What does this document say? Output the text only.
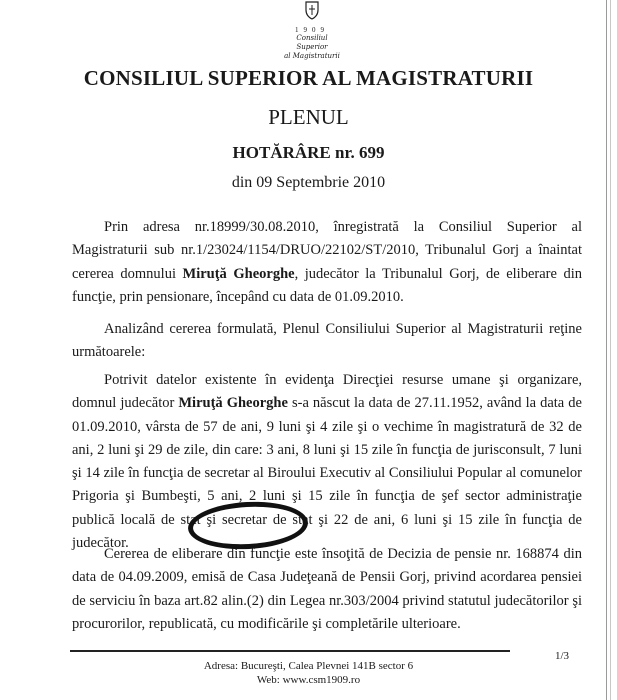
1909
Consiliul Superior
al Magistraturii
CONSILIUL SUPERIOR AL MAGISTRATURII
PLENUL
HOTĂRÂRE nr. 699
din 09 Septembrie 2010
Prin adresa nr.18999/30.08.2010, înregistrată la Consiliul Superior al Magistraturii sub nr.1/23024/1154/DRUO/22102/ST/2010, Tribunalul Gorj a înaintat cererea domnului Miruţă Gheorghe, judecător la Tribunalul Gorj, de eliberare din funcţie, prin pensionare, începând cu data de 01.09.2010.
Analizând cererea formulată, Plenul Consiliului Superior al Magistraturii reţine următoarele:
Potrivit datelor existente în evidenţa Direcţiei resurse umane şi organizare, domnul judecător Miruţă Gheorghe s-a născut la data de 27.11.1952, având la data de 01.09.2010, vârsta de 57 de ani, 9 luni şi 4 zile şi o vechime în magistratură de 32 de ani, 2 luni şi 29 de zile, din care: 3 ani, 8 luni şi 15 zile în funcţia de jurisconsult, 7 luni şi 14 zile în funcţia de secretar al Biroului Executiv al Consiliului Popular al comunelor Prigoria şi Bumbeşti, 5 ani, 2 luni şi 15 zile în funcţia de şef sector administraţie publică locală de stat şi secretar de stat şi 22 de ani, 6 luni şi 15 zile în funcţia de judecător.
Cererea de eliberare din funcţie este însoţită de Decizia de pensie nr. 168874 din data de 04.09.2009, emisă de Casa Judeţeană de Pensii Gorj, privind acordarea pensiei de serviciu în baza art.82 alin.(2) din Legea nr.303/2004 privind statutul judecătorilor şi procurorilor, republicată, cu modificările şi completările ulterioare.
1/3
Adresa: Bucureşti, Calea Plevnei 141B sector 6
Web: www.csm1909.ro
